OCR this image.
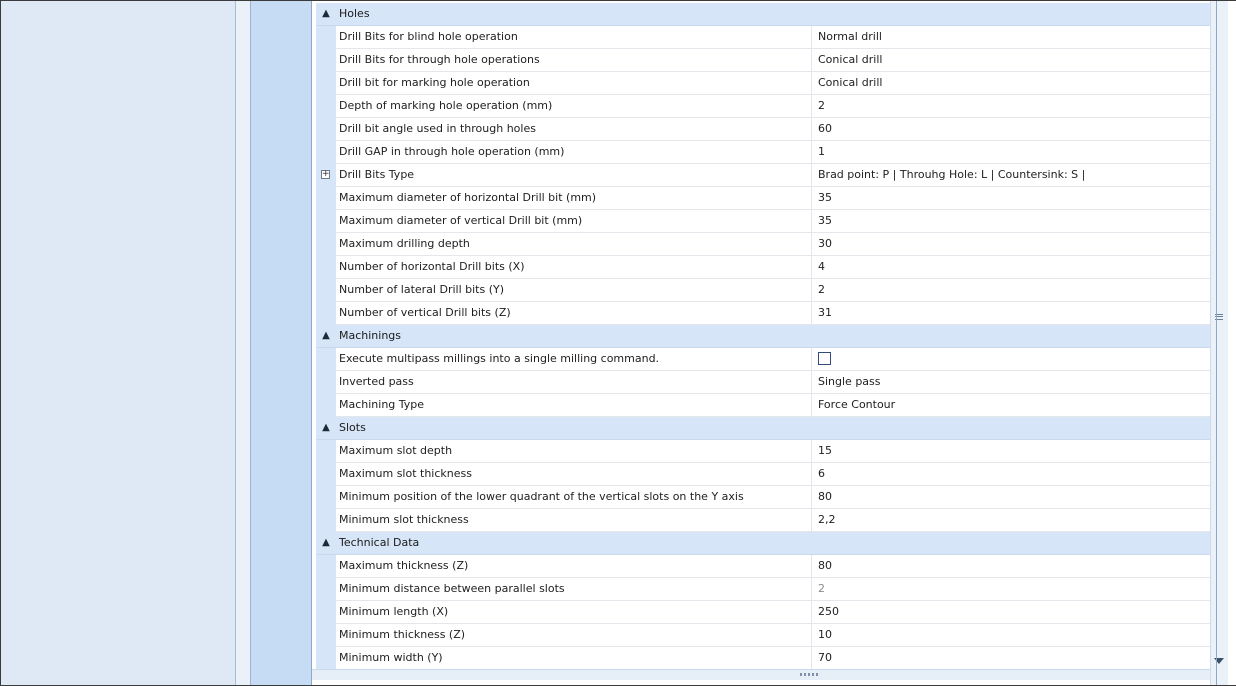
▲ Holes
Drill Bits for blind hole operation	Normal drill
Drill Bits for through hole operations	Conical drill
Drill bit for marking hole operation	Conical drill
Depth of marking hole operation (mm)	2
Drill bit angle used in through holes	60
Drill GAP in through hole operation (mm)	1
+ Drill Bits Type	Brad point: P | Throuhg Hole: L | Countersink: S |
Maximum diameter of horizontal Drill bit (mm)	35
Maximum diameter of vertical Drill bit (mm)	35
Maximum drilling depth	30
Number of horizontal Drill bits (X)	4
Number of lateral Drill bits (Y)	2
Number of vertical Drill bits (Z)	31
▲ Machinings
Execute multipass millings into a single milling command.
Inverted pass	Single pass
Machining Type	Force Contour
▲ Slots
Maximum slot depth	15
Maximum slot thickness	6
Minimum position of the lower quadrant of the vertical slots on the Y axis	80
Minimum slot thickness	2,2
▲ Technical Data
Maximum thickness (Z)	80
Minimum distance between parallel slots	2
Minimum length (X)	250
Minimum thickness (Z)	10
Minimum width (Y)	70
